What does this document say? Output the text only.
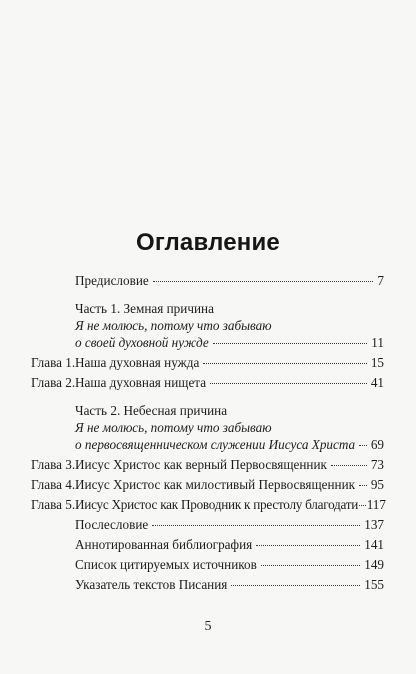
Оглавление
Предисловие	7
Часть 1. Земная причина
Я не молюсь, потому что забываю
о своей духовной нужде	11
Глава 1. Наша духовная нужда	15
Глава 2. Наша духовная нищета	41
Часть 2. Небесная причина
Я не молюсь, потому что забываю
о первосвященническом служении Иисуса Христа 69
Глава 3. Иисус Христос как верный Первосвященник	73
Глава 4. Иисус Христос как милостивый Первосвященник 95
Глава 5. Иисус Христос как Проводник к престолу благодати 117
Послесловие	137
Аннотированная библиография	141
Список цитируемых источников	149
Указатель текстов Писания	155
5
